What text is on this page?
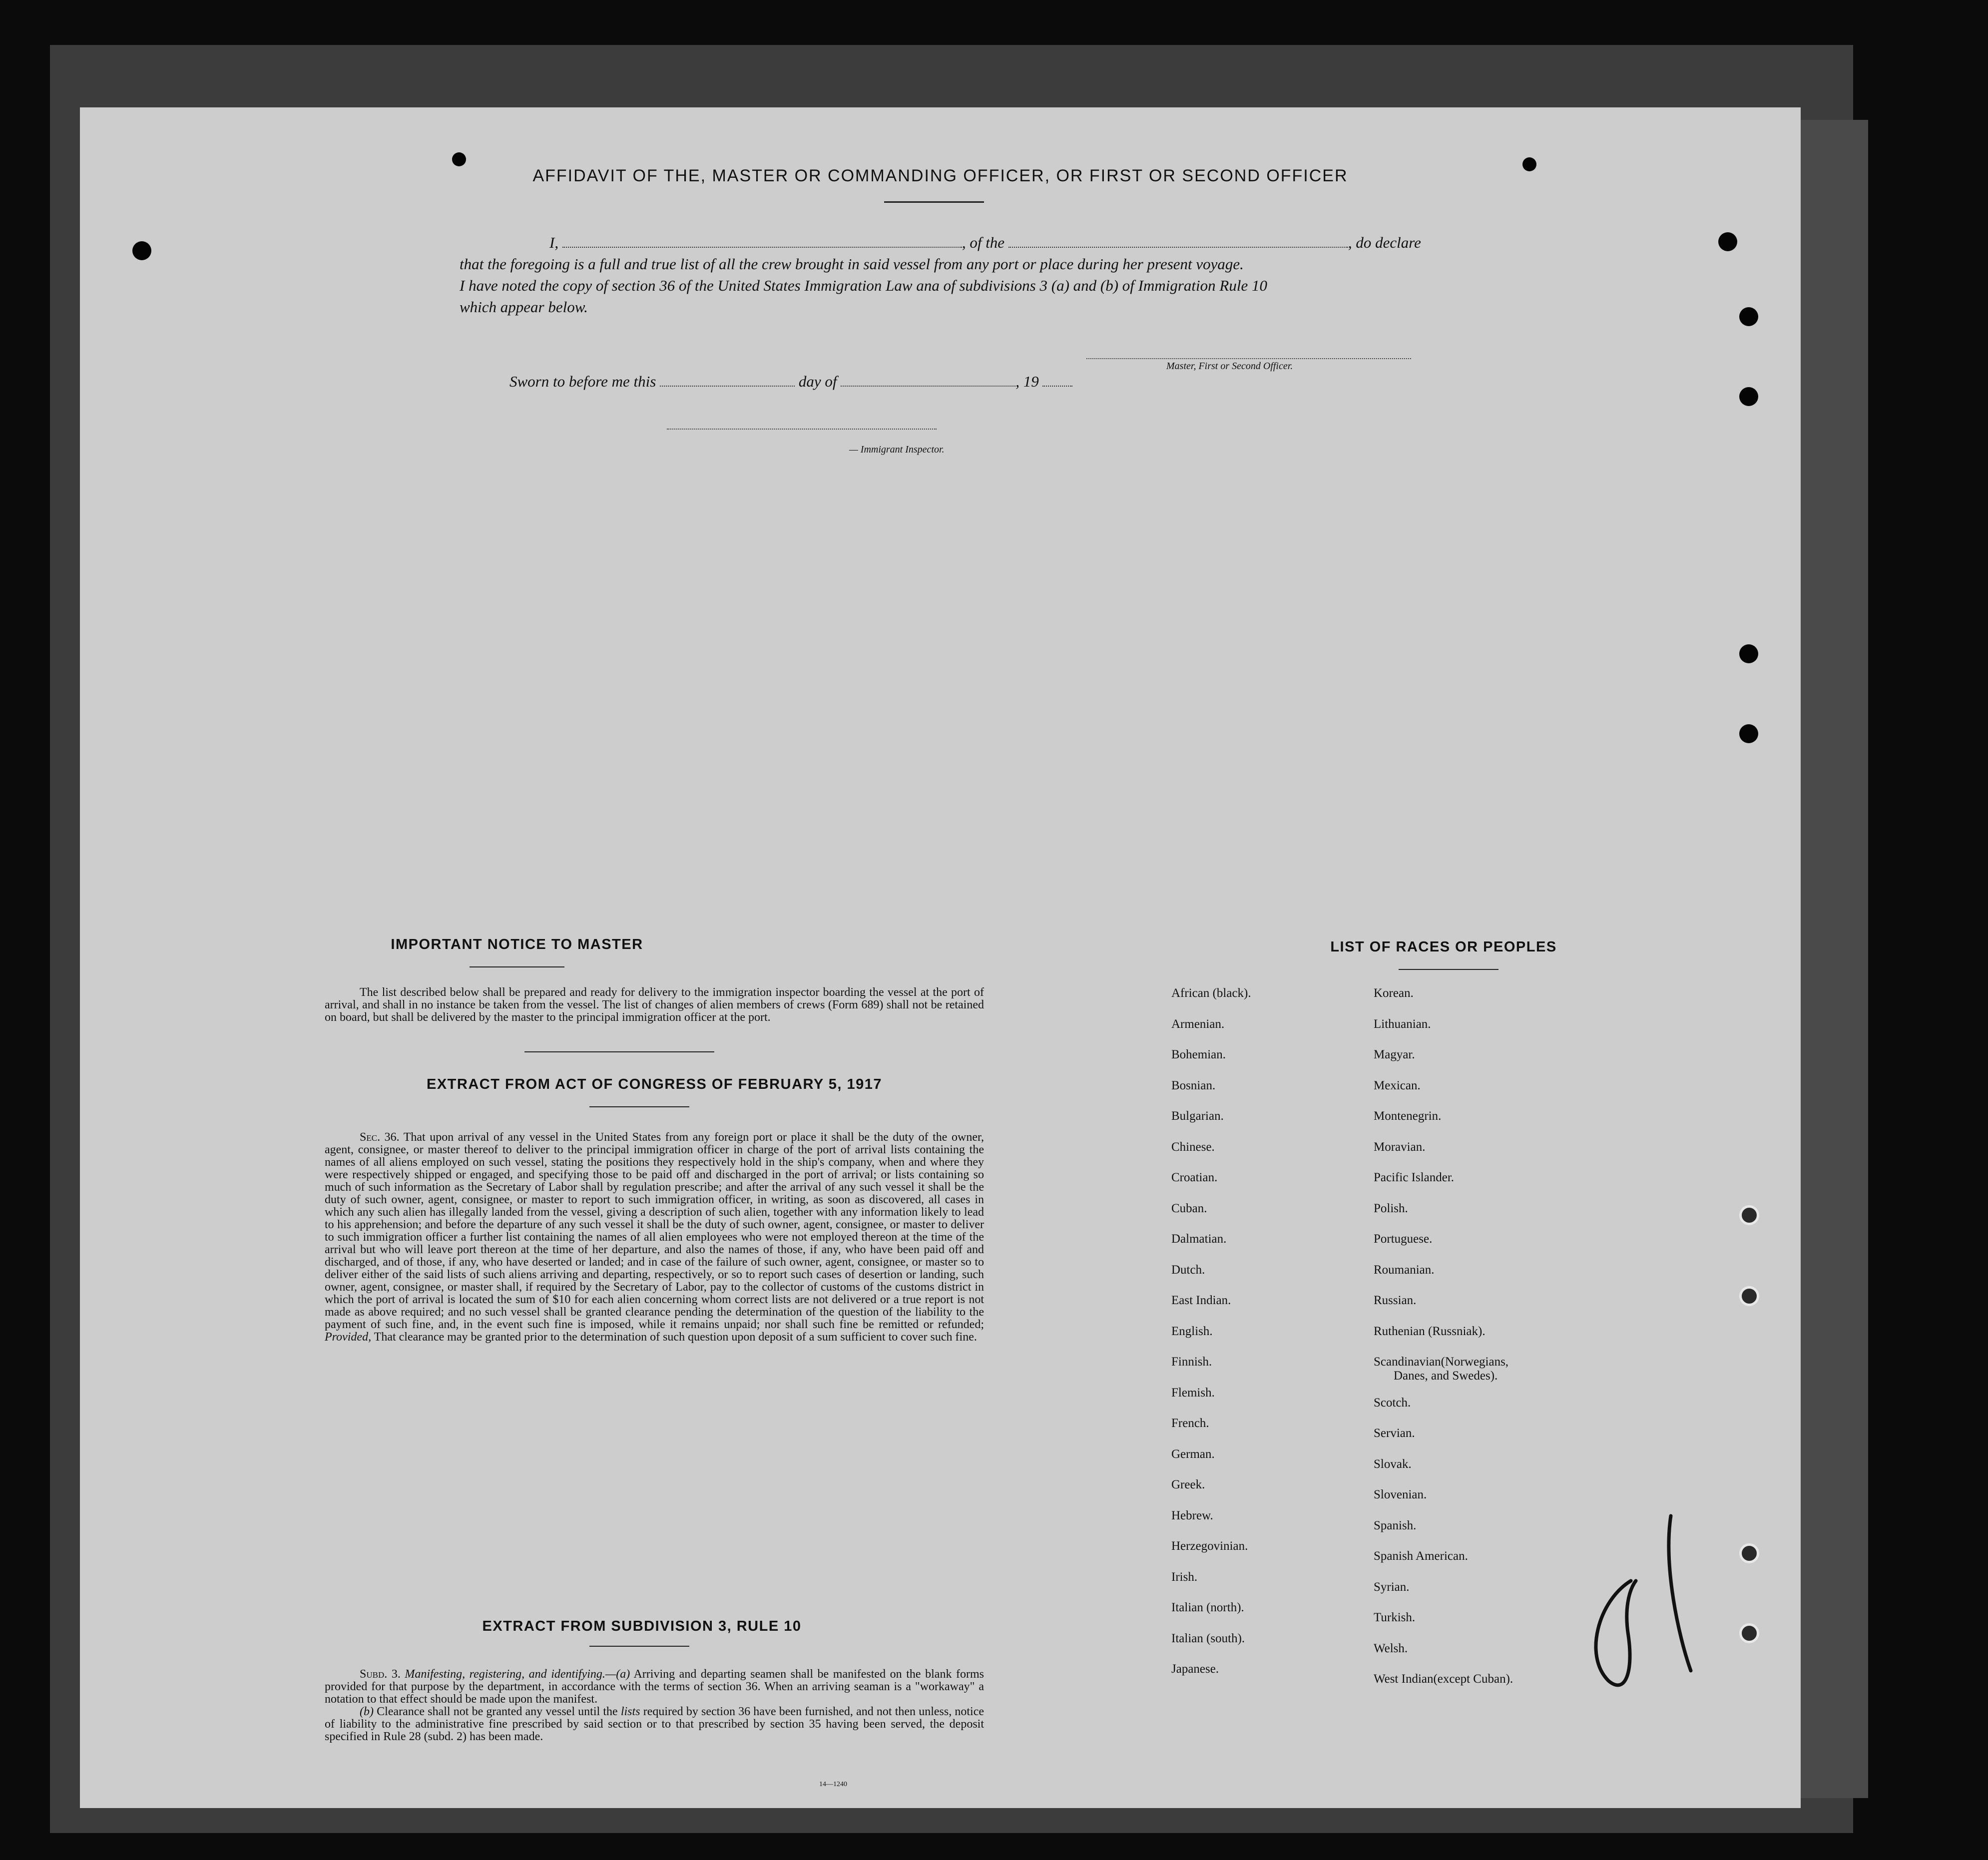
AFFIDAVIT OF THE, MASTER OR COMMANDING OFFICER, OR FIRST OR SECOND OFFICER
I,	, of the	, do declare
that the foregoing is a full and true list of all the crew brought in said vessel from any port or place during her present voyage.
I have noted the copy of section 36 of the United States Immigration Law ana of subdivisions 3 (a) and (b) of Immigration Rule 10
which appear below.
Master, First or Second Officer.
Sworn to before me this	day of	, 19
— Immigrant Inspector.
IMPORTANT NOTICE TO MASTER

The list described below shall be prepared and ready for delivery to the immigration inspector boarding the vessel at the port of arrival, and shall in no instance be taken from the vessel. The list of changes of alien members of crews (Form 689) shall not be retained on board, but shall be delivered by the master to the principal immigration officer at the port.

EXTRACT FROM ACT OF CONGRESS OF FEBRUARY 5, 1917

Sec. 36. That upon arrival of any vessel in the United States from any foreign port or place it shall be the duty of the owner, agent, consignee, or master thereof to deliver to the principal immigration officer in charge of the port of arrival lists containing the names of all aliens employed on such vessel, stating the positions they respectively hold in the ship's company, when and where they were respectively shipped or engaged, and specifying those to be paid off and discharged in the port of arrival; or lists containing so much of such information as the Secretary of Labor shall by regulation prescribe; and after the arrival of any such vessel it shall be the duty of such owner, agent, consignee, or master to report to such immigration officer, in writing, as soon as discovered, all cases in which any such alien has illegally landed from the vessel, giving a description of such alien, together with any information likely to lead to his apprehension; and before the departure of any such vessel it shall be the duty of such owner, agent, consignee, or master to deliver to such immigration officer a further list containing the names of all alien employees who were not employed thereon at the time of the arrival but who will leave port thereon at the time of her departure, and also the names of those, if any, who have been paid off and discharged, and of those, if any, who have deserted or landed; and in case of the failure of such owner, agent, consignee, or master so to deliver either of the said lists of such aliens arriving and departing, respectively, or so to report such cases of desertion or landing, such owner, agent, consignee, or master shall, if required by the Secretary of Labor, pay to the collector of customs of the customs district in which the port of arrival is located the sum of $10 for each alien concerning whom correct lists are not delivered or a true report is not made as above required; and no such vessel shall be granted clearance pending the determination of the question of the liability to the payment of such fine, and, in the event such fine is imposed, while it remains unpaid; nor shall such fine be remitted or refunded; Provided, That clearance may be granted prior to the determination of such question upon deposit of a sum sufficient to cover such fine.

EXTRACT FROM SUBDIVISION 3, RULE 10

Subd. 3. Manifesting, registering, and identifying.—(a) Arriving and departing seamen shall be manifested on the blank forms provided for that purpose by the department, in accordance with the terms of section 36. When an arriving seaman is a "workaway" a notation to that effect should be made upon the manifest.

(b) Clearance shall not be granted any vessel until the lists required by section 36 have been furnished, and not then unless, notice of liability to the administrative fine prescribed by said section or to that prescribed by section 35 having been served, the deposit specified in Rule 28 (subd. 2) has been made.

14—1240
LIST OF RACES OR PEOPLES
African (black).
Armenian.
Bohemian.
Bosnian.
Bulgarian.
Chinese.
Croatian.
Cuban.
Dalmatian.
Dutch.
East Indian.
English.
Finnish.
Flemish.
French.
German.
Greek.
Hebrew.
Herzegovinian.
Irish.
Italian (north).
Italian (south).
Japanese.
Korean.
Lithuanian.
Magyar.
Mexican.
Montenegrin.
Moravian.
Pacific Islander.
Polish.
Portuguese.
Roumanian.
Russian.
Ruthenian (Russniak).
Scandinavian(Norwegians,
Danes, and Swedes).
Scotch.
Servian.
Slovak.
Slovenian.
Spanish.
Spanish American.
Syrian.
Turkish.
Welsh.
West Indian(except Cuban).
